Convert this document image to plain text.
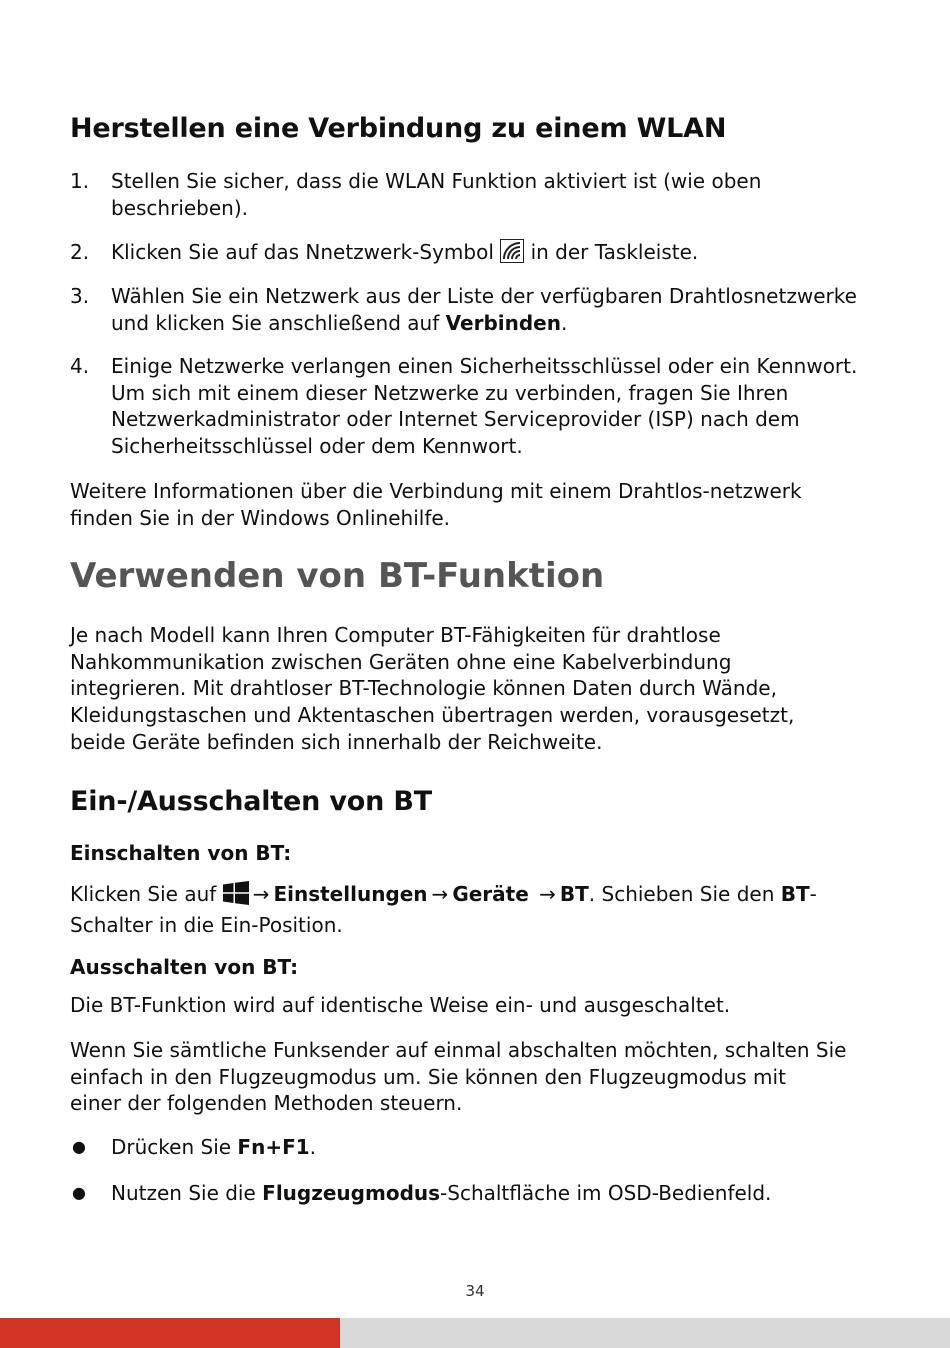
Herstellen eine Verbindung zu einem WLAN
1. Stellen Sie sicher, dass die WLAN Funktion aktiviert ist (wie oben
beschrieben).
2. Klicken Sie auf das Nnetzwerk-Symbol in der Taskleiste.
3. Wählen Sie ein Netzwerk aus der Liste der verfügbaren Drahtlosnetzwerke
und klicken Sie anschließend auf Verbinden.
4. Einige Netzwerke verlangen einen Sicherheitsschlüssel oder ein Kennwort.
Um sich mit einem dieser Netzwerke zu verbinden, fragen Sie Ihren
Netzwerkadministrator oder Internet Serviceprovider (ISP) nach dem
Sicherheitsschlüssel oder dem Kennwort.
Weitere Informationen über die Verbindung mit einem Drahtlos-netzwerk
finden Sie in der Windows Onlinehilfe.
Verwenden von BT-Funktion
Je nach Modell kann Ihren Computer BT-Fähigkeiten für drahtlose
Nahkommunikation zwischen Geräten ohne eine Kabelverbindung
integrieren. Mit drahtloser BT-Technologie können Daten durch Wände,
Kleidungstaschen und Aktentaschen übertragen werden, vorausgesetzt,
beide Geräte befinden sich innerhalb der Reichweite.
Ein-/Ausschalten von BT
Einschalten von BT:
Klicken Sie auf → Einstellungen → Geräte → BT. Schieben Sie den BT-
Schalter in die Ein-Position.
Ausschalten von BT:
Die BT-Funktion wird auf identische Weise ein- und ausgeschaltet.
Wenn Sie sämtliche Funksender auf einmal abschalten möchten, schalten Sie
einfach in den Flugzeugmodus um. Sie können den Flugzeugmodus mit
einer der folgenden Methoden steuern.
● Drücken Sie Fn+F1.
● Nutzen Sie die Flugzeugmodus-Schaltfläche im OSD-Bedienfeld.
34
